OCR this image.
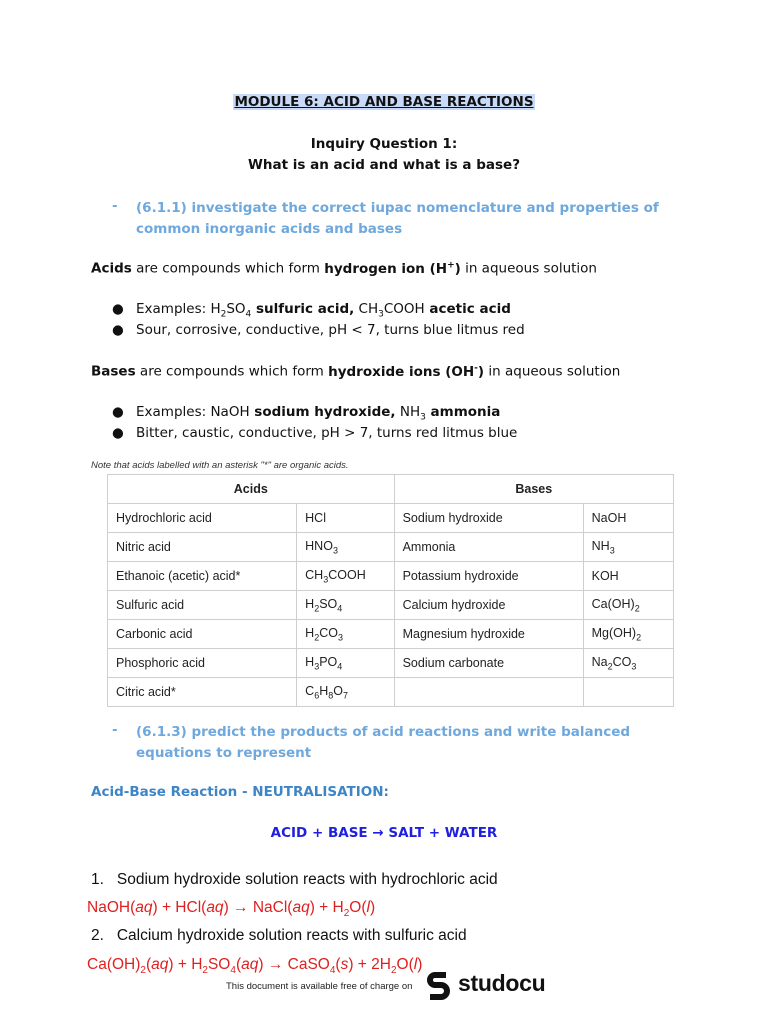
MODULE 6: ACID AND BASE REACTIONS
Inquiry Question 1:
What is an acid and what is a base?
- (6.1.1) investigate the correct iupac nomenclature and properties of common inorganic acids and bases
Acids are compounds which form hydrogen ion (H+) in aqueous solution
● Examples: $H_2SO_4$ sulfuric acid, $CH_3COOH$ acetic acid
● Sour, corrosive, conductive, pH < 7, turns blue litmus red
Bases are compounds which form hydroxide ions (OH-) in aqueous solution
● Examples: NaOH sodium hydroxide, $NH_3$ ammonia
● Bitter, caustic, conductive, pH > 7, turns red litmus blue
Note that acids labelled with an asterisk "*" are organic acids.
Acids		Bases	
Hydrochloric acid	HCl	Sodium hydroxide	NaOH
Nitric acid	$HNO_3$	Ammonia	$NH_3$
Ethanoic (acetic) acid*	$CH_3COOH$	Potassium hydroxide	KOH
Sulfuric acid	$H_2SO_4$	Calcium hydroxide	$Ca(OH)_2$
Carbonic acid	$H_2CO_3$	Magnesium hydroxide	$Mg(OH)_2$
Phosphoric acid	$H_3PO_4$	Sodium carbonate	$Na_2CO_3$
Citric acid*	$C_6H_8O_7$		
- (6.1.3) predict the products of acid reactions and write balanced equations to represent
Acid-Base Reaction - NEUTRALISATION:
ACID + BASE → SALT + WATER
1. Sodium hydroxide solution reacts with hydrochloric acid
NaOH(aq) + HCl(aq) → NaCl(aq) + $H_2O(l)$
2. Calcium hydroxide solution reacts with sulfuric acid
$Ca(OH)_2(aq) + H_2SO_4(aq)$ → CaSO$_4$(s) + $2H_2O(l)$
This document is available free of charge on studocu
